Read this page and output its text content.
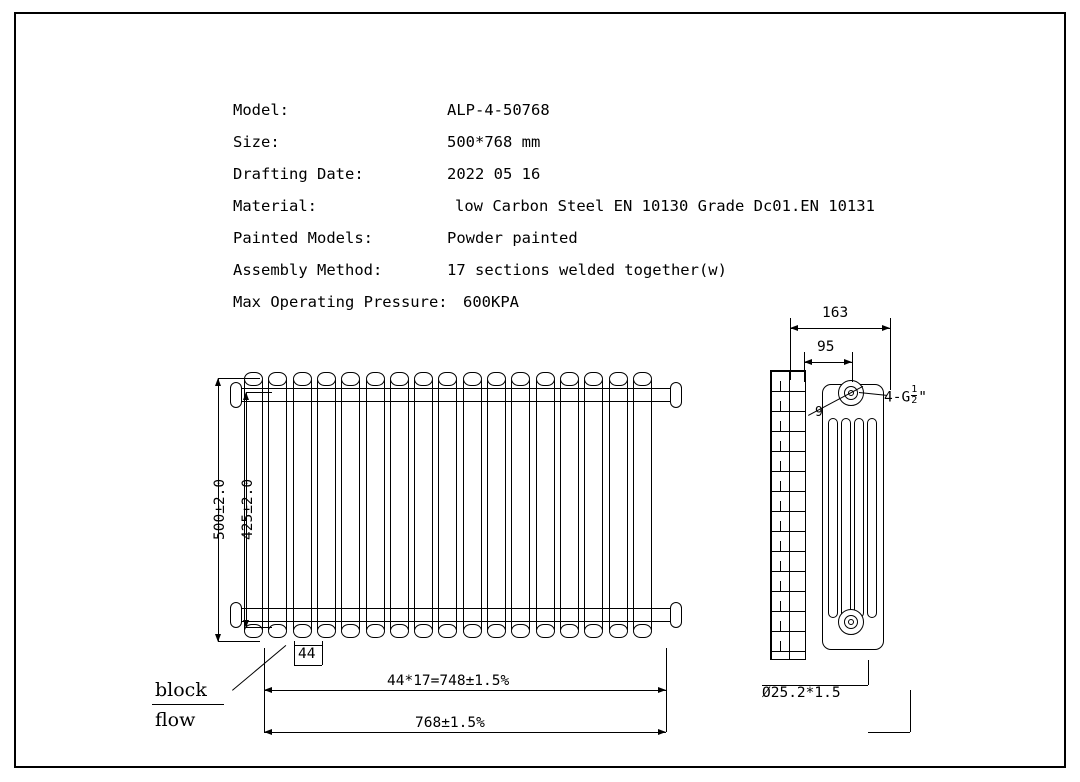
Model:	ALP-4-50768
Size:	500*768 mm
Drafting Date:	2022 05 16
Material:	low Carbon Steel EN 10130 Grade Dc01.EN 10131
Painted Models:	Powder painted
Assembly Method:	17 sections welded together(w)
Max Operating Pressure: 600KPA
500±2.0 425±2.0
44
44*17=748±1.5%
768±1.5%
block
flow
163
95
$4-G \frac{1}{2}$ "
9
Ø25.2*1.5
